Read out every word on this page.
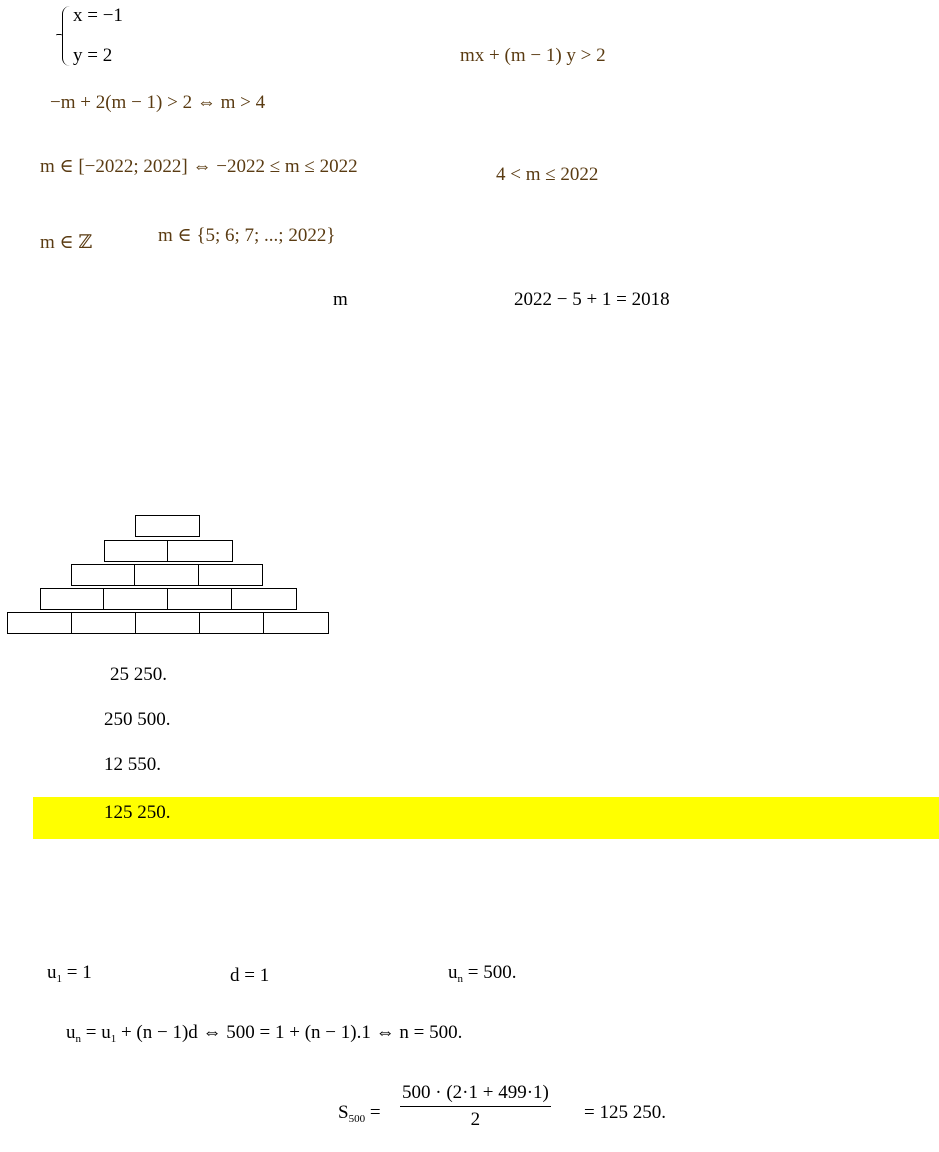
x = −1
y = 2	mx + (m − 1) y > 2
−m + 2(m − 1) > 2 ⇔ m > 4
m ∈ [−2022; 2022] ⇔ −2022 ≤ m ≤ 2022	4 < m ≤ 2022
m ∈ ℤ	m ∈ {5; 6; 7; ...; 2022}
m	2022 − 5 + 1 = 2018
25 250.
250 500.
12 550.
125 250.
$u_1 = 1$	d = 1	$u_n = 500$.
$u_n = u_1 + (n - 1)d$ ⇔ 500 = 1 + (n − 1).1 ⇔ n = 500.
$S_{500} = \frac{500 \cdot (2\cdot 1 + 499\cdot 1)}{2} = 125$ 250.
